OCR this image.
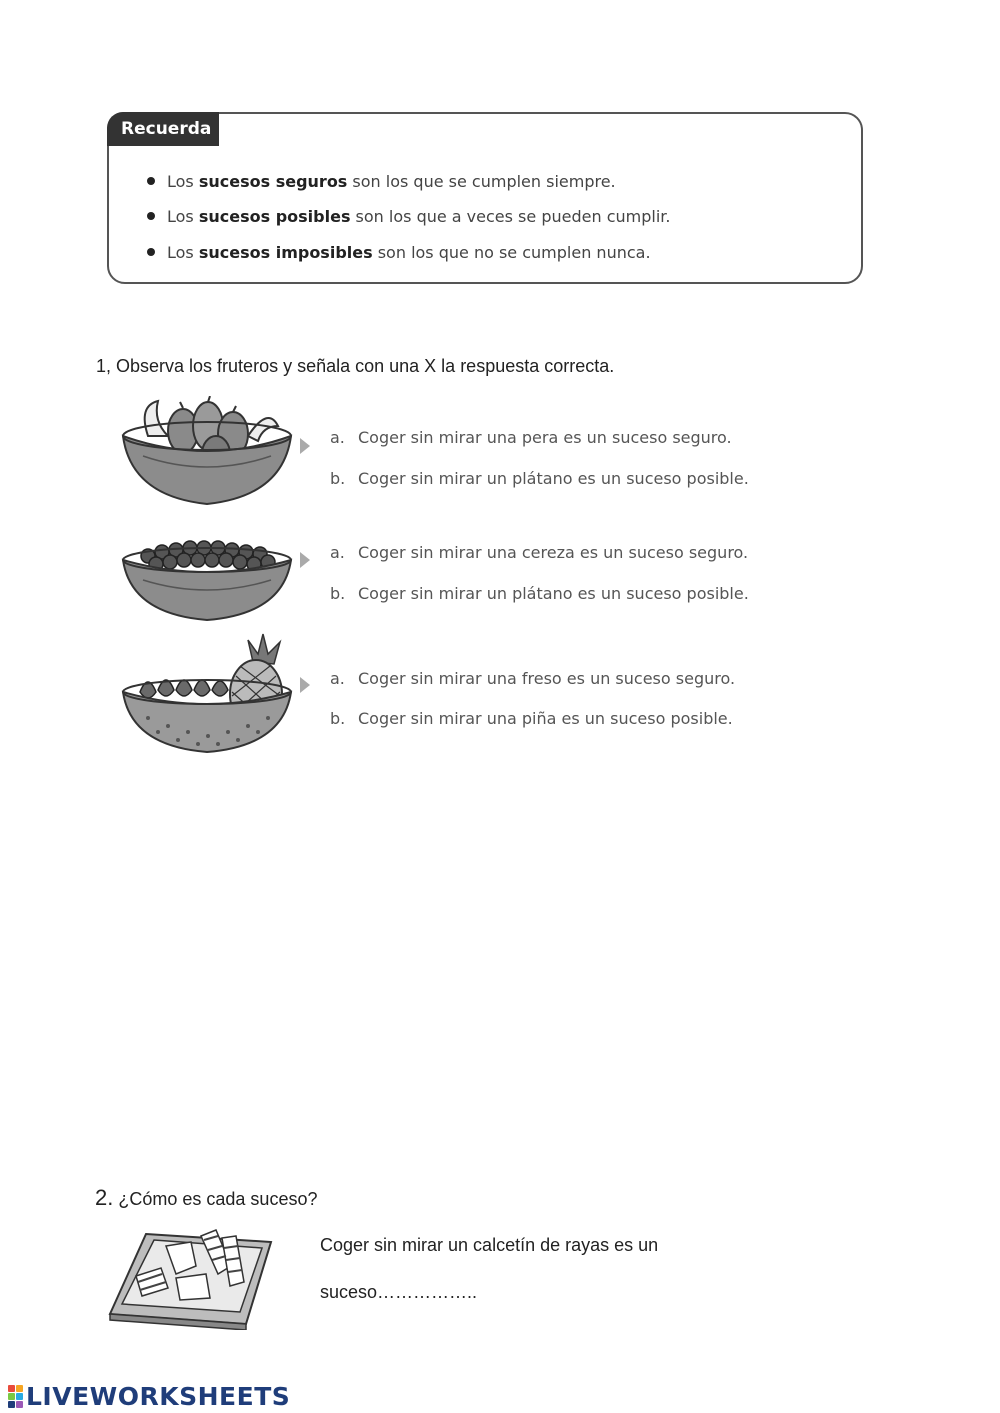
Recuerda
Los sucesos seguros son los que se cumplen siempre.
Los sucesos posibles son los que a veces se pueden cumplir.
Los sucesos imposibles son los que no se cumplen nunca.
1, Observa los fruteros y señala con una X la respuesta correcta.
a. Coger sin mirar una pera es un suceso seguro.
b. Coger sin mirar un plátano es un suceso posible.
a. Coger sin mirar una cereza es un suceso seguro.
b. Coger sin mirar un plátano es un suceso posible.
a. Coger sin mirar una freso es un suceso seguro.
b. Coger sin mirar una piña es un suceso posible.
2. ¿Cómo es cada suceso?
Coger sin mirar un calcetín de rayas es un
suceso……………..
LIVEWORKSHEETS
